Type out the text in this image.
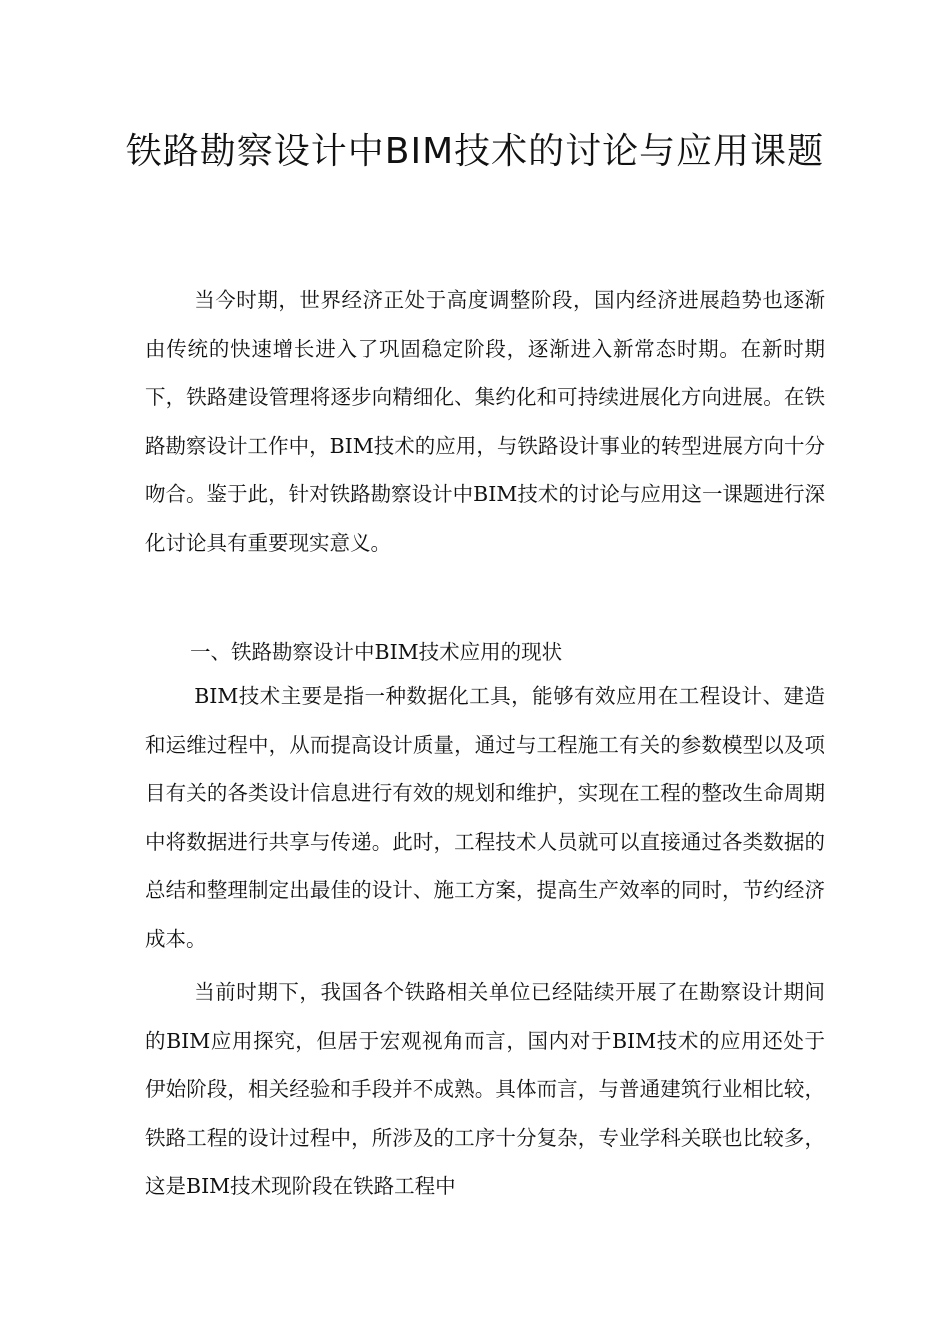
铁路勘察设计中BIM技术的讨论与应用课题

当今时期，世界经济正处于高度调整阶段，国内经济进展趋势也逐渐由传统的快速增长进入了巩固稳定阶段，逐渐进入新常态时期。在新时期下，铁路建设管理将逐步向精细化、集约化和可持续进展化方向进展。在铁路勘察设计工作中，BIM技术的应用，与铁路设计事业的转型进展方向十分吻合。鉴于此，针对铁路勘察设计中BIM技术的讨论与应用这一课题进行深化讨论具有重要现实意义。

一、铁路勘察设计中BIM技术应用的现状

BIM技术主要是指一种数据化工具，能够有效应用在工程设计、建造和运维过程中，从而提高设计质量，通过与工程施工有关的参数模型以及项目有关的各类设计信息进行有效的规划和维护，实现在工程的整改生命周期中将数据进行共享与传递。此时，工程技术人员就可以直接通过各类数据的总结和整理制定出最佳的设计、施工方案，提高生产效率的同时，节约经济成本。

当前时期下，我国各个铁路相关单位已经陆续开展了在勘察设计期间的BIM应用探究，但居于宏观视角而言，国内对于BIM技术的应用还处于伊始阶段，相关经验和手段并不成熟。具体而言，与普通建筑行业相比较，铁路工程的设计过程中，所涉及的工序十分复杂，专业学科关联也比较多，这是BIM技术现阶段在铁路工程中
